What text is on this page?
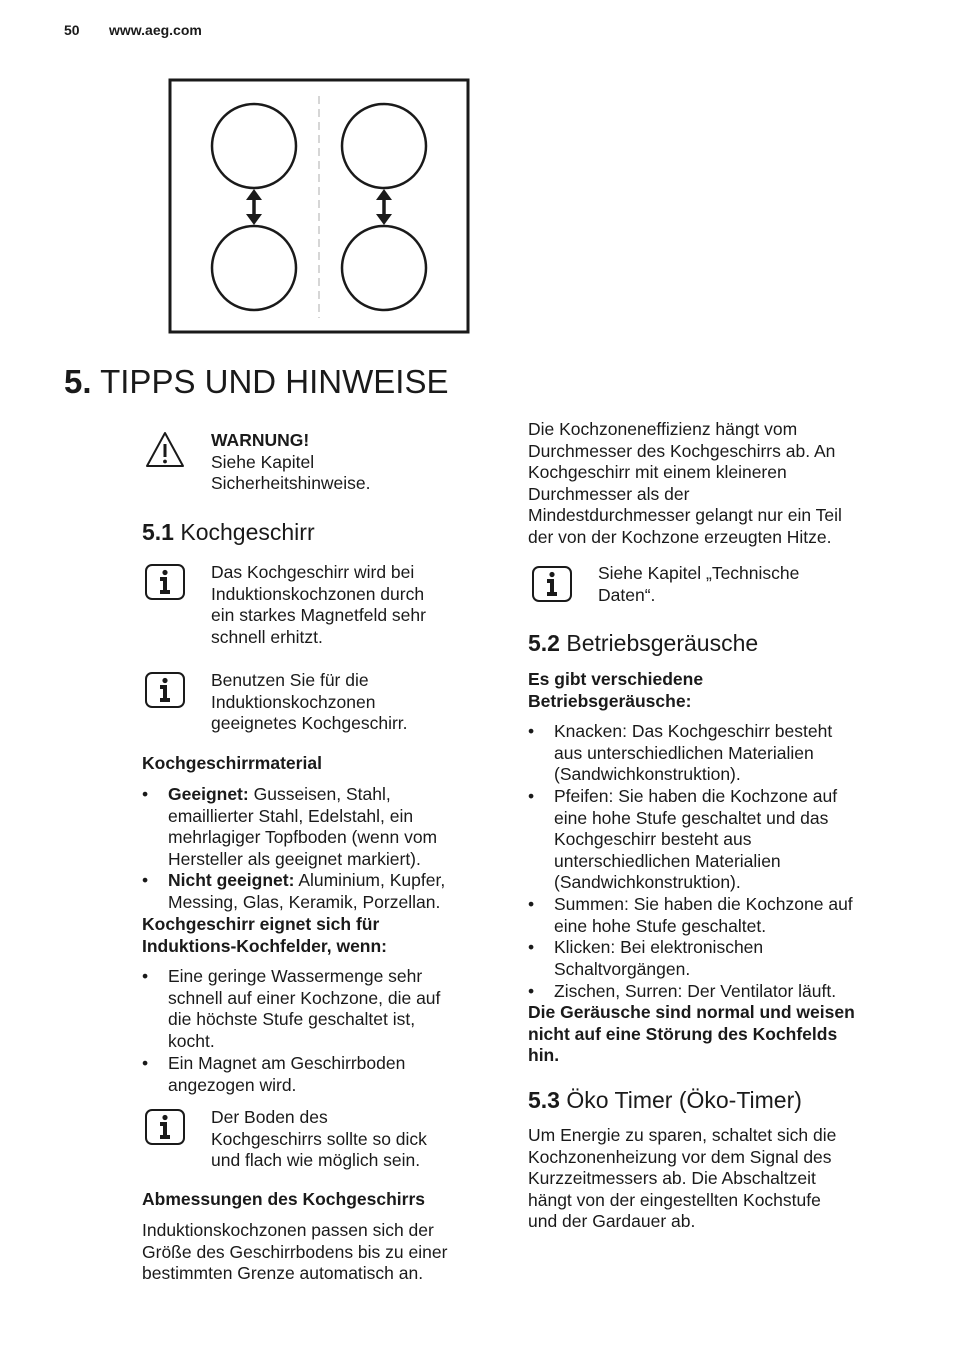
50 www.aeg.com
5. TIPPS UND HINWEISE
WARNUNG!
Siehe Kapitel
Sicherheitshinweise.
5.1 Kochgeschirr
Das Kochgeschirr wird bei
Induktionskochzonen durch
ein starkes Magnetfeld sehr
schnell erhitzt.
Benutzen Sie für die
Induktionskochzonen
geeignetes Kochgeschirr.
Kochgeschirrmaterial
•	Geeignet: Gusseisen, Stahl,
emaillierter Stahl, Edelstahl, ein
mehrlagiger Topfboden (wenn vom
Hersteller als geeignet markiert).
•	Nicht geeignet: Aluminium, Kupfer,
Messing, Glas, Keramik, Porzellan.
Kochgeschirr eignet sich für
Induktions-Kochfelder, wenn:
•	Eine geringe Wassermenge sehr
schnell auf einer Kochzone, die auf
die höchste Stufe geschaltet ist,
kocht.
•	Ein Magnet am Geschirrboden
angezogen wird.
Der Boden des
Kochgeschirrs sollte so dick
und flach wie möglich sein.
Abmessungen des Kochgeschirrs
Induktionskochzonen passen sich der
Größe des Geschirrbodens bis zu einer
bestimmten Grenze automatisch an.
Die Kochzoneneffizienz hängt vom
Durchmesser des Kochgeschirrs ab. An
Kochgeschirr mit einem kleineren
Durchmesser als der
Mindestdurchmesser gelangt nur ein Teil
der von der Kochzone erzeugten Hitze.
Siehe Kapitel „Technische
Daten“.
5.2 Betriebsgeräusche
Es gibt verschiedene
Betriebsgeräusche:
•	Knacken: Das Kochgeschirr besteht
aus unterschiedlichen Materialien
(Sandwichkonstruktion).
•	Pfeifen: Sie haben die Kochzone auf
eine hohe Stufe geschaltet und das
Kochgeschirr besteht aus
unterschiedlichen Materialien
(Sandwichkonstruktion).
•	Summen: Sie haben die Kochzone auf
eine hohe Stufe geschaltet.
•	Klicken: Bei elektronischen
Schaltvorgängen.
•	Zischen, Surren: Der Ventilator läuft.
Die Geräusche sind normal und weisen
nicht auf eine Störung des Kochfelds
hin.
5.3 Öko Timer (Öko-Timer)
Um Energie zu sparen, schaltet sich die
Kochzonenheizung vor dem Signal des
Kurzzeitmessers ab. Die Abschaltzeit
hängt von der eingestellten Kochstufe
und der Gardauer ab.
